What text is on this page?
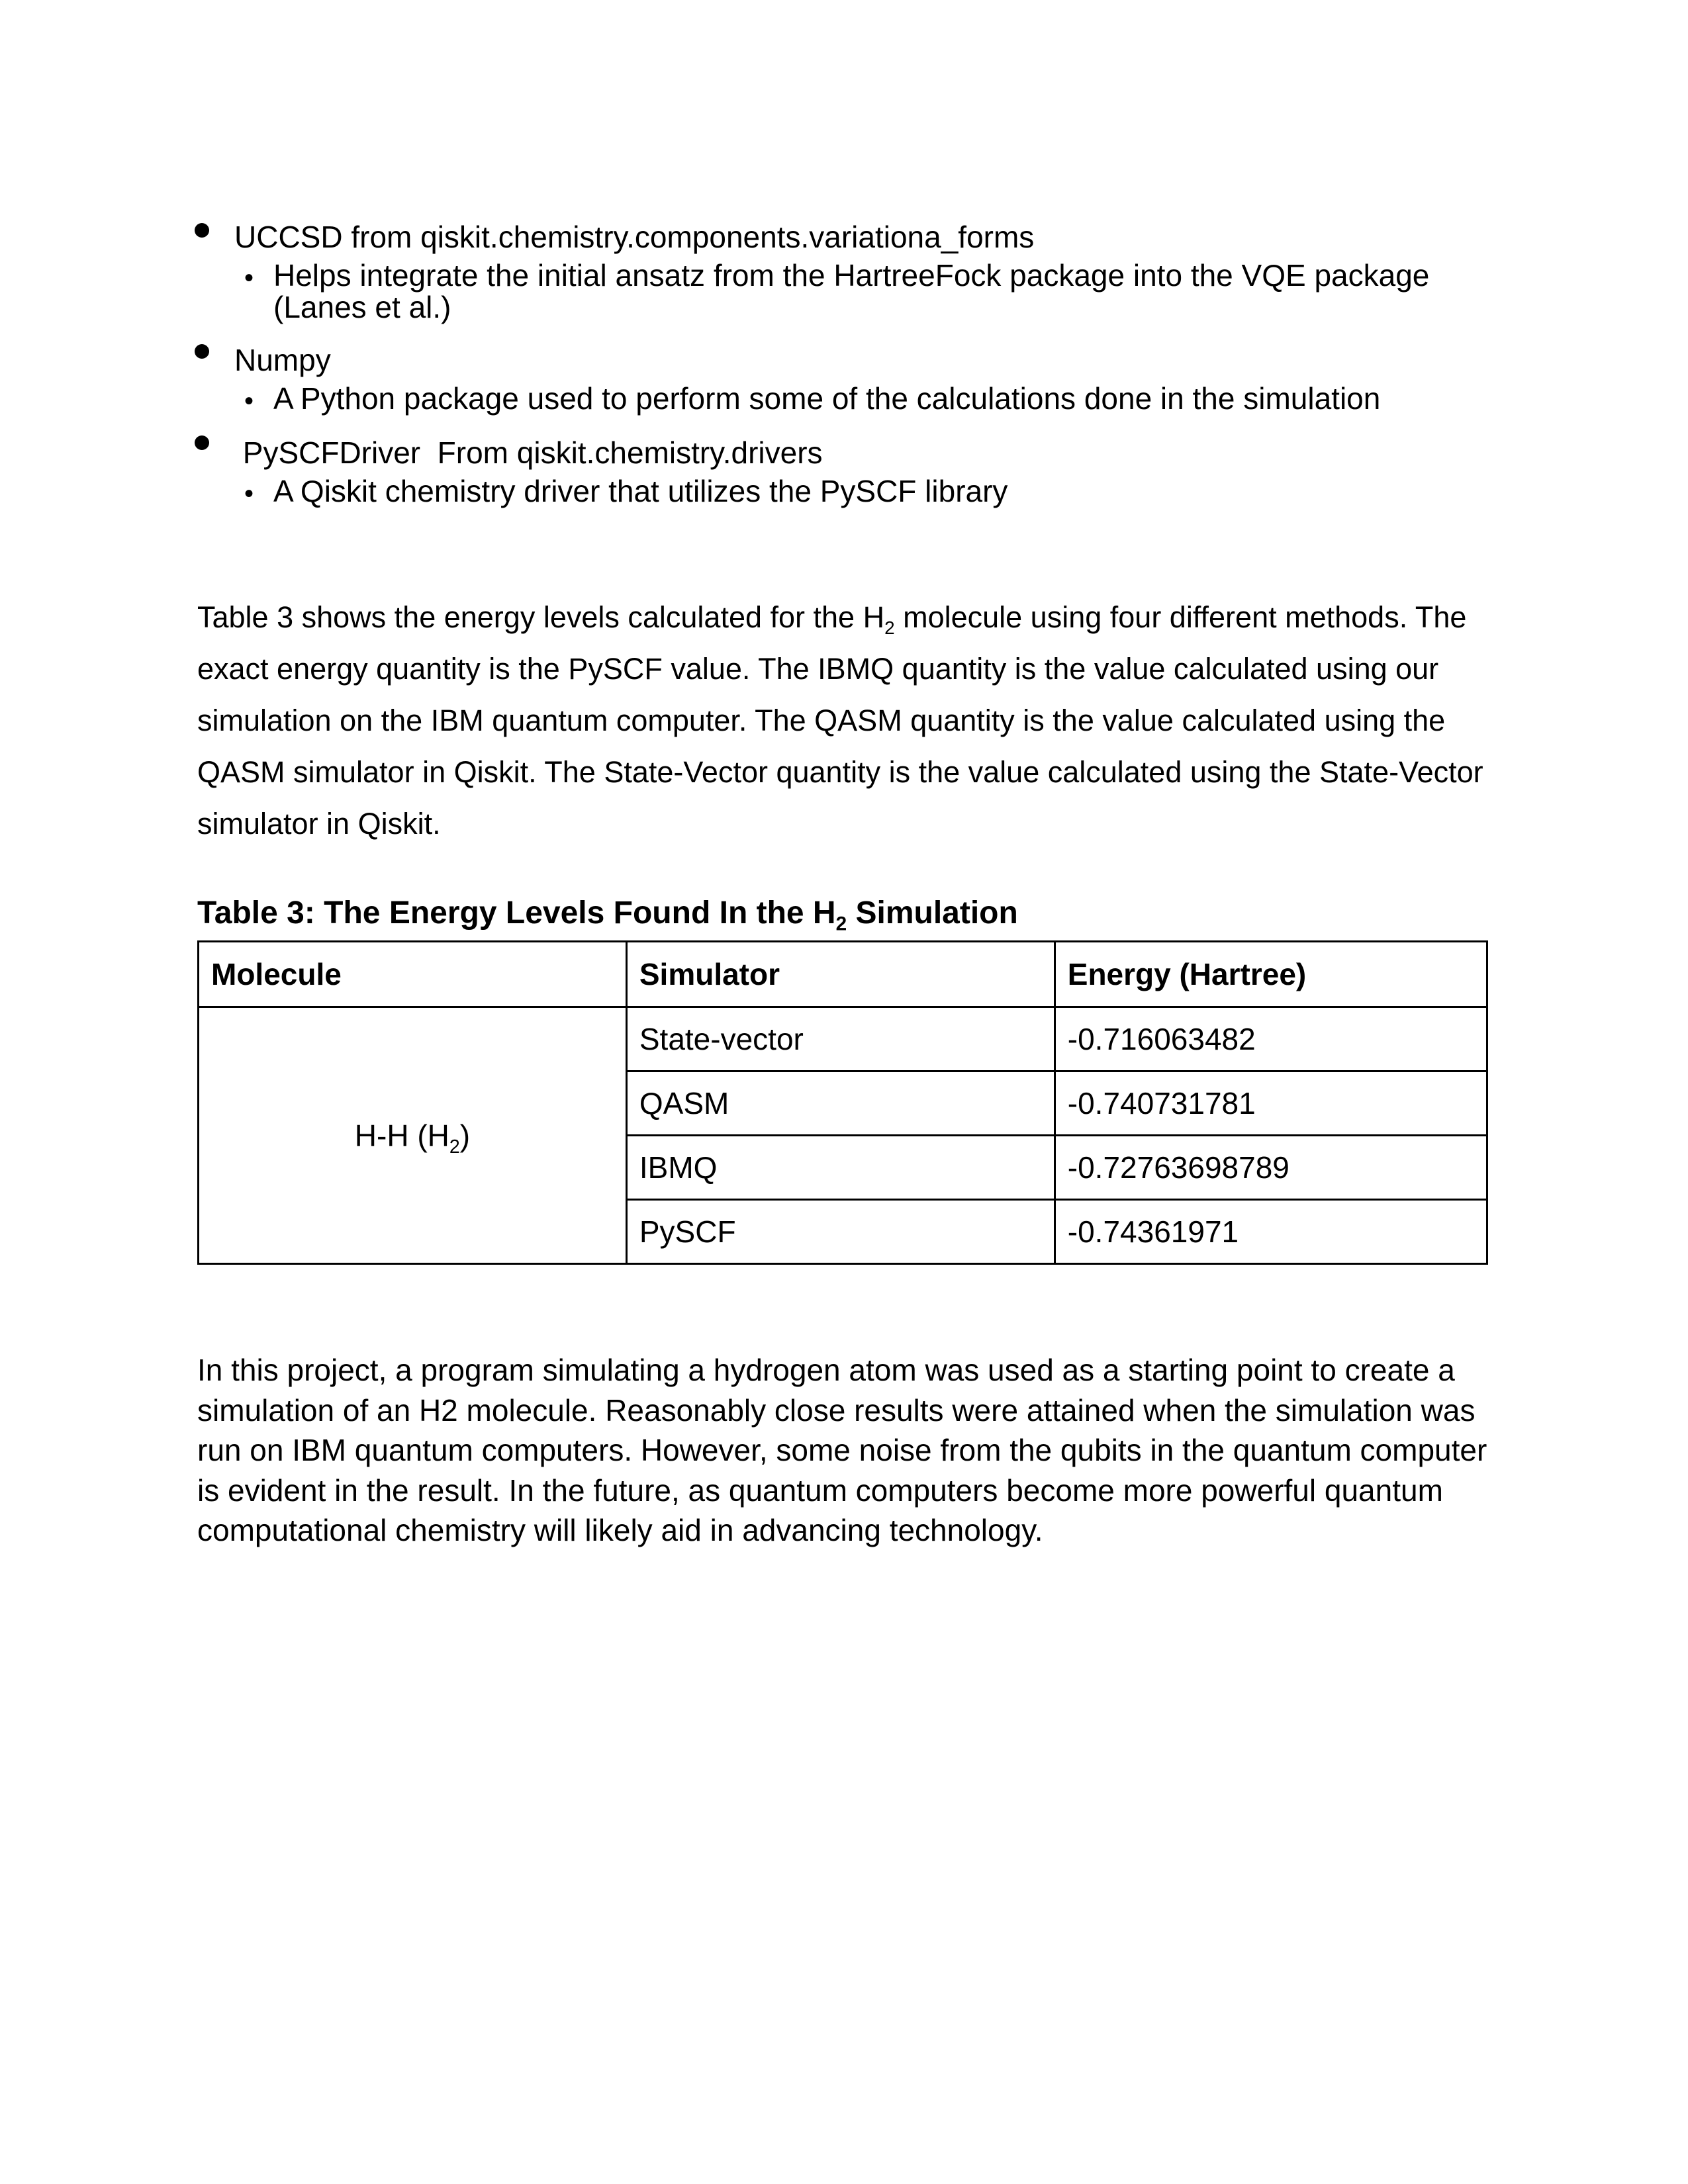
UCCSD from qiskit.chemistry.components.variationa_forms
• Helps integrate the initial ansatz from the HartreeFock package into the VQE package
(Lanes et al.)
Numpy
• A Python package used to perform some of the calculations done in the simulation
PySCFDriver  From qiskit.chemistry.drivers
• A Qiskit chemistry driver that utilizes the PySCF library
Table 3 shows the energy levels calculated for the $H_2$ molecule using four different methods. The exact energy quantity is the PySCF value. The IBMQ quantity is the value calculated using our simulation on the IBM quantum computer. The QASM quantity is the value calculated using the QASM simulator in Qiskit. The State-Vector quantity is the value calculated using the State-Vector simulator in Qiskit.
Table 3: The Energy Levels Found In the $H_2$ Simulation
Molecule	Simulator	Energy (Hartree)
H-H $(H_2)$	State-vector	-0.716063482
	QASM	-0.740731781
	IBMQ	-0.72763698789
	PySCF	-0.74361971
In this project, a program simulating a hydrogen atom was used as a starting point to create a simulation of an H2 molecule. Reasonably close results were attained when the simulation was run on IBM quantum computers. However, some noise from the qubits in the quantum computer is evident in the result. In the future, as quantum computers become more powerful quantum computational chemistry will likely aid in advancing technology.
